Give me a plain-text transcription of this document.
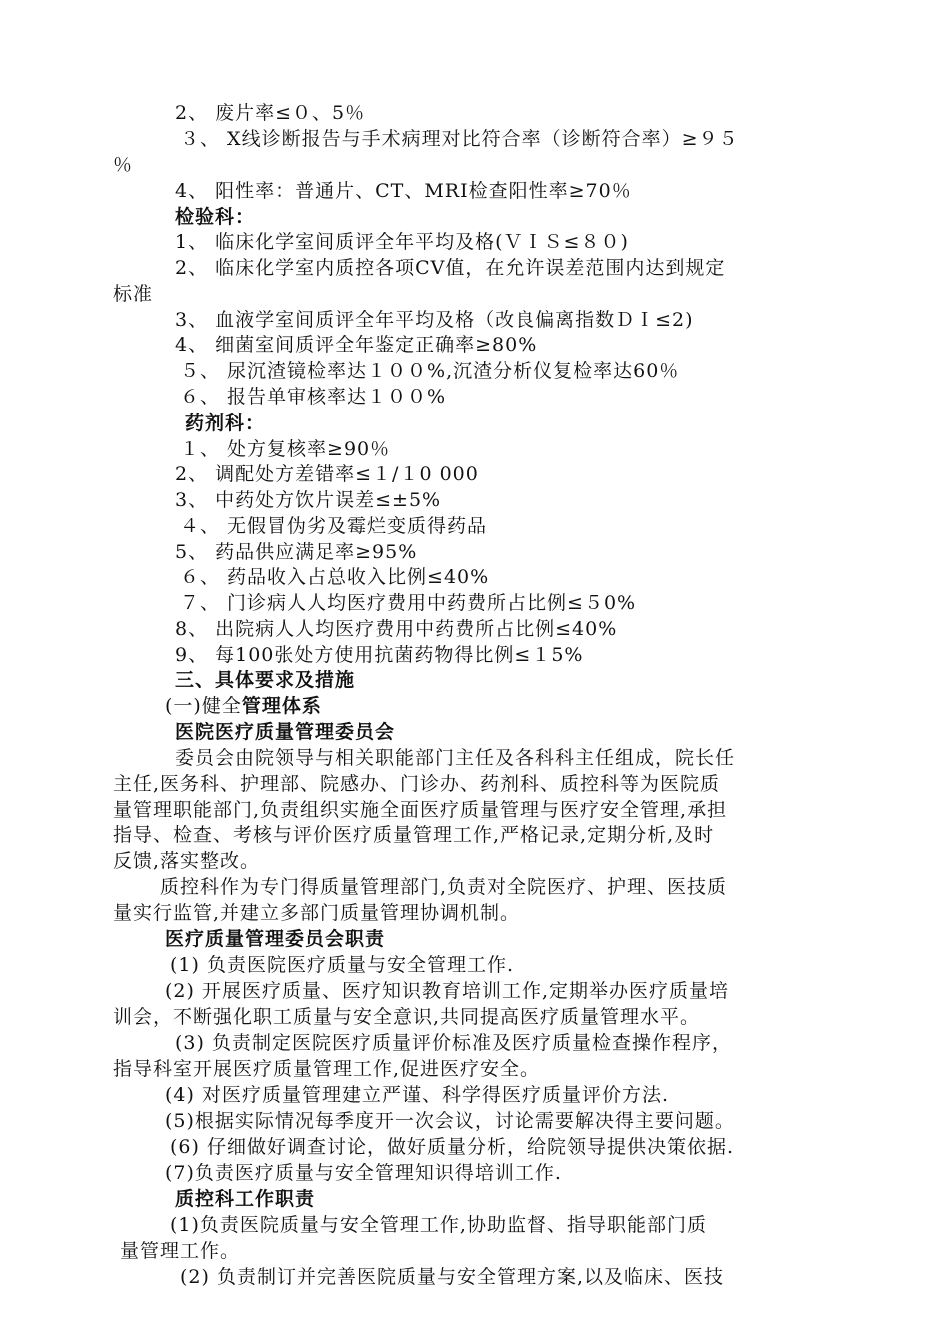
2、 废片率≤０、5％
３、 X线诊断报告与手术病理对比符合率（诊断符合率）≥９５
％
4、 阳性率：普通片、CT、MRI检查阳性率≥70％
检验科：
1、 临床化学室间质评全年平均及格(ＶＩＳ≤８０)
2、 临床化学室内质控各项CV值，在允许误差范围内达到规定
标准
3、 血液学室间质评全年平均及格（改良偏离指数ＤＩ≤2)
4、 细菌室间质评全年鉴定正确率≥80%
５、 尿沉渣镜检率达１００%,沉渣分析仪复检率达60％
６、 报告单审核率达１００%
药剂科：
１、 处方复核率≥90％
2、 调配处方差错率≤１/１0 000
3、 中药处方饮片误差≤±5%
４、 无假冒伪劣及霉烂变质得药品
5、 药品供应满足率≥95%
６、 药品收入占总收入比例≤40%
７、 门诊病人人均医疗费用中药费所占比例≤５0%
8、 出院病人人均医疗费用中药费所占比例≤40%
9、 每100张处方使用抗菌药物得比例≤１5%
三、具体要求及措施
(一)健全管理体系
医院医疗质量管理委员会
委员会由院领导与相关职能部门主任及各科科主任组成，院长任
主任,医务科、护理部、院感办、门诊办、药剂科、质控科等为医院质
量管理职能部门,负责组织实施全面医疗质量管理与医疗安全管理,承担
指导、检查、考核与评价医疗质量管理工作,严格记录,定期分析,及时
反馈,落实整改。
质控科作为专门得质量管理部门,负责对全院医疗、护理、医技质
量实行监管,并建立多部门质量管理协调机制。
医疗质量管理委员会职责
(1) 负责医院医疗质量与安全管理工作.
(2) 开展医疗质量、医疗知识教育培训工作,定期举办医疗质量培
训会，不断强化职工质量与安全意识,共同提高医疗质量管理水平。
(3) 负责制定医院医疗质量评价标准及医疗质量检查操作程序，
指导科室开展医疗质量管理工作,促进医疗安全。
(4) 对医疗质量管理建立严谨、科学得医疗质量评价方法.
(5)根据实际情况每季度开一次会议，讨论需要解决得主要问题。
(6) 仔细做好调查讨论，做好质量分析，给院领导提供决策依据.
(7)负责医疗质量与安全管理知识得培训工作.
质控科工作职责
(1)负责医院质量与安全管理工作,协助监督、指导职能部门质
量管理工作。
(2) 负责制订并完善医院质量与安全管理方案,以及临床、医技
